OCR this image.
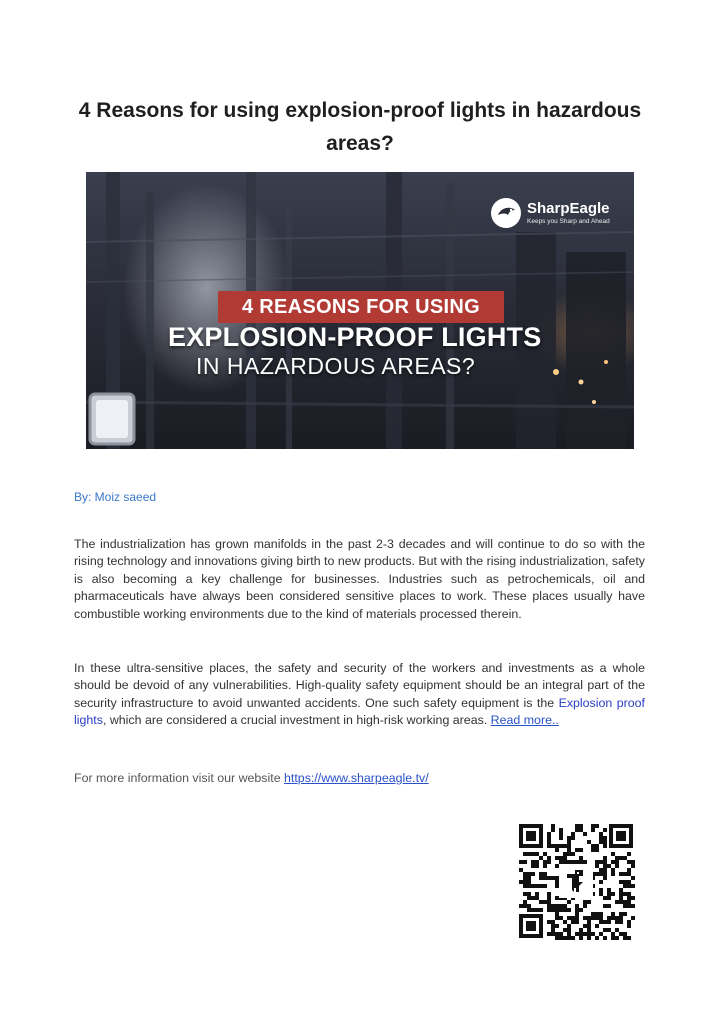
4 Reasons for using explosion-proof lights in hazardous areas?
SharpEagle
Keeps you Sharp and Ahead
4 REASONS FOR USING
EXPLOSION-PROOF LIGHTS
IN HAZARDOUS AREAS?
By: Moiz saeed

The industrialization has grown manifolds in the past 2-3 decades and will continue to do so with the rising technology and innovations giving birth to new products. But with the rising industrialization, safety is also becoming a key challenge for businesses. Industries such as petrochemicals, oil and pharmaceuticals have always been considered sensitive places to work. These places usually have combustible working environments due to the kind of materials processed therein.

In these ultra-sensitive places, the safety and security of the workers and investments as a whole should be devoid of any vulnerabilities. High-quality safety equipment should be an integral part of the security infrastructure to avoid unwanted accidents. One such safety equipment is the Explosion proof lights, which are considered a crucial investment in high-risk working areas. Read more..

For more information visit our website https://www.sharpeagle.tv/
